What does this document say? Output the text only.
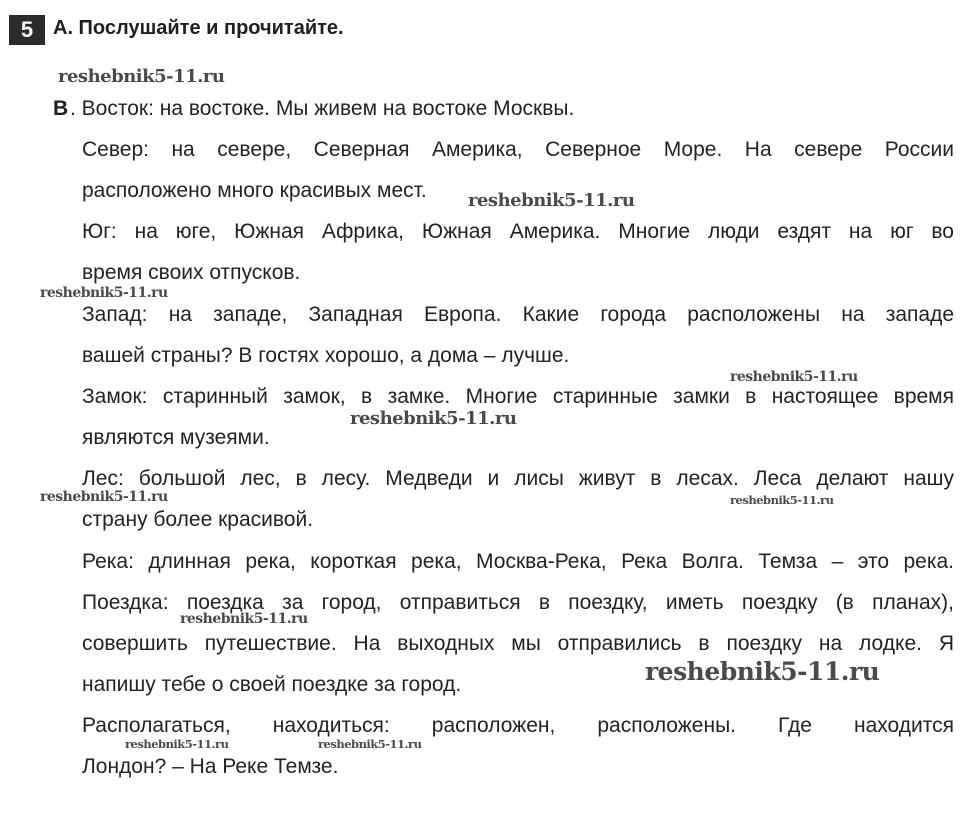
5 А. Послушайте и прочитайте.
В . Восток: на востоке. Мы живем на востоке Москвы.
Север: на севере, Северная Америка, Северное Море. На севере России
расположено много красивых мест.
Юг: на юге, Южная Африка, Южная Америка. Многие люди ездят на юг во
время своих отпусков.
Запад: на западе, Западная Европа. Какие города расположены на западе
вашей страны? В гостях хорошо, а дома – лучше.
Замок: старинный замок, в замке. Многие старинные замки в настоящее время
являются музеями.
Лес: большой лес, в лесу. Медведи и лисы живут в лесах. Леса делают нашу
страну более красивой.
Река: длинная река, короткая река, Москва-Река, Река Волга. Темза – это река.
Поездка: поездка за город, отправиться в поездку, иметь поездку (в планах),
совершить путешествие. На выходных мы отправились в поездку на лодке. Я
напишу тебе о своей поездке за город.
Располагаться, находиться: расположен, расположены. Где находится
Лондон? – На Реке Темзе.
reshebnik5-11.ru
reshebnik5-11.ru
reshebnik5-11.ru
reshebnik5-11.ru
reshebnik5-11.ru
reshebnik5-11.ru	reshebnik5-11.ru
reshebnik5-11.ru
reshebnik5-11.ru
reshebnik5-11.ru	reshebnik5-11.ru
